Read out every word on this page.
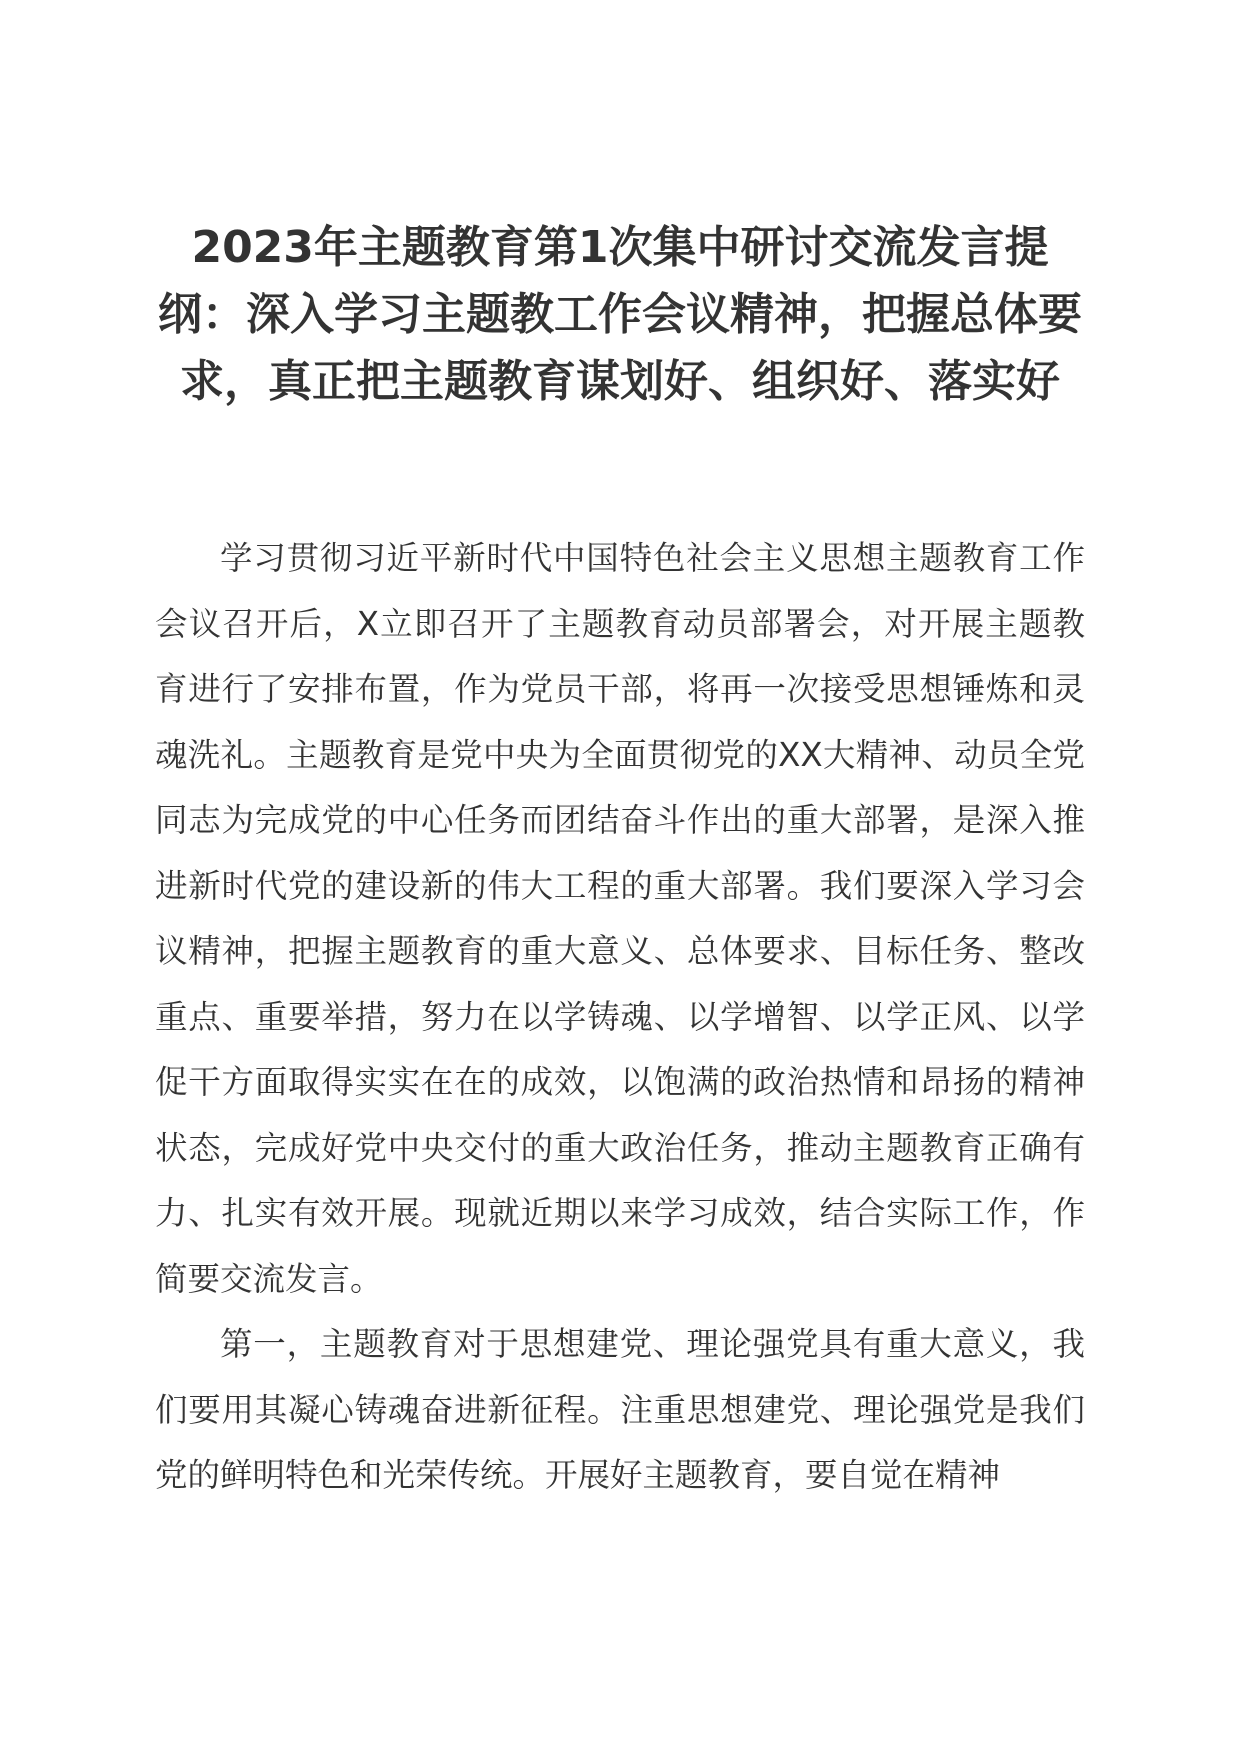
2023年主题教育第1次集中研讨交流发言提纲：深入学习主题教工作会议精神，把握总体要求，真正把主题教育谋划好、组织好、落实好

学习贯彻习近平新时代中国特色社会主义思想主题教育工作会议召开后，X立即召开了主题教育动员部署会，对开展主题教育进行了安排布置，作为党员干部，将再一次接受思想锤炼和灵魂洗礼。主题教育是党中央为全面贯彻党的XX大精神、动员全党同志为完成党的中心任务而团结奋斗作出的重大部署，是深入推进新时代党的建设新的伟大工程的重大部署。我们要深入学习会议精神，把握主题教育的重大意义、总体要求、目标任务、整改重点、重要举措，努力在以学铸魂、以学增智、以学正风、以学促干方面取得实实在在的成效，以饱满的政治热情和昂扬的精神状态，完成好党中央交付的重大政治任务，推动主题教育正确有力、扎实有效开展。现就近期以来学习成效，结合实际工作，作简要交流发言。

第一，主题教育对于思想建党、理论强党具有重大意义，我们要用其凝心铸魂奋进新征程。注重思想建党、理论强党是我们党的鲜明特色和光荣传统。开展好主题教育，要自觉在精神
